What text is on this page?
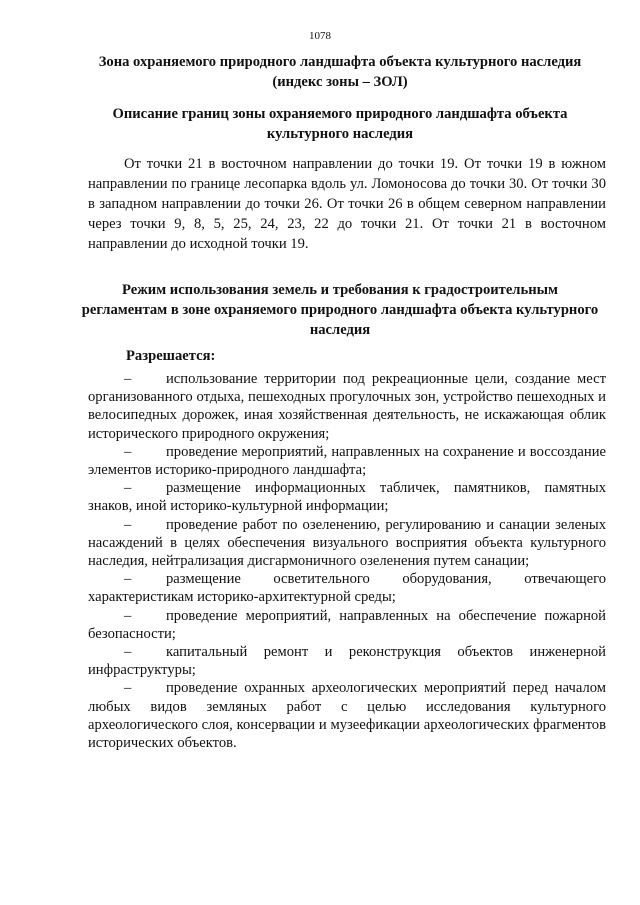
1078
Зона охраняемого природного ландшафта объекта культурного наследия (индекс зоны – ЗОЛ)
Описание границ зоны охраняемого природного ландшафта объекта культурного наследия

От точки 21 в восточном направлении до точки 19. От точки 19 в южном направлении по границе лесопарка вдоль ул. Ломоносова до точки 30. От точки 30 в западном направлении до точки 26. От точки 26 в общем северном направлении через точки 9, 8, 5, 25, 24, 23, 22 до точки 21. От точки 21 в восточном направлении до исходной точки 19.

Режим использования земель и требования к градостроительным регламентам в зоне охраняемого природного ландшафта объекта культурного наследия
Разрешается:
– использование территории под рекреационные цели, создание мест организованного отдыха, пешеходных прогулочных зон, устройство пешеходных и велосипедных дорожек, иная хозяйственная деятельность, не искажающая облик исторического природного окружения;
– проведение мероприятий, направленных на сохранение и воссоздание элементов историко-природного ландшафта;
– размещение информационных табличек, памятников, памятных знаков, иной историко-культурной информации;
– проведение работ по озеленению, регулированию и санации зеленых насаждений в целях обеспечения визуального восприятия объекта культурного наследия, нейтрализация дисгармоничного озеленения путем санации;
– размещение осветительного оборудования, отвечающего характеристикам историко-архитектурной среды;
– проведение мероприятий, направленных на обеспечение пожарной безопасности;
– капитальный ремонт и реконструкция объектов инженерной инфраструктуры;
– проведение охранных археологических мероприятий перед началом любых видов земляных работ с целью исследования культурного археологического слоя, консервации и музеефикации археологических фрагментов исторических объектов.
